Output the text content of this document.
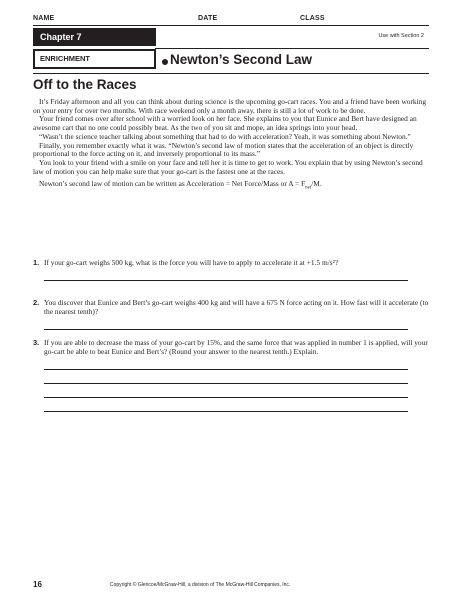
NAME	DATE	CLASS
Chapter 7	Use with Section 2
ENRICHMENT	Newton’s Second Law
Off to the Races

It’s Friday afternoon and all you can think about during science is the upcoming go-cart races. You and a friend have been working on your entry for over two months. With race weekend only a month away, there is still a lot of work to be done.

Your friend comes over after school with a worried look on her face. She explains to you that Eunice and Bert have designed an awesome cart that no one could possibly beat. As the two of you sit and mope, an idea springs into your head.

“Wasn’t the science teacher talking about something that had to do with acceleration? Yeah, it was something about Newton.”

Finally, you remember exactly what it was. “Newton’s second law of motion states that the acceleration of an object is directly proportional to the force acting on it, and inversely proportional to its mass.”

You look to your friend with a smile on your face and tell her it is time to get to work. You explain that by using Newton’s second law of motion you can help make sure that your go-cart is the fastest one at the races.

Newton’s second law of motion can be written as Acceleration = Net Force/Mass or $A = F_{net}/M$.

1. If your go-cart weighs 500 kg, what is the force you will have to apply to accelerate it at +1.5 m/s²?
2. You discover that Eunice and Bert’s go-cart weighs 400 kg and will have a 675 N force acting on it. How fast will it accelerate (to the nearest tenth)?
3. If you are able to decrease the mass of your go-cart by 15%, and the same force that was applied in number 1 is applied, will your go-cart be able to beat Eunice and Bert’s? (Round your answer to the nearest tenth.) Explain.
16	Copyright © Glencoe/McGraw-Hill, a division of The McGraw-Hill Companies, Inc.
